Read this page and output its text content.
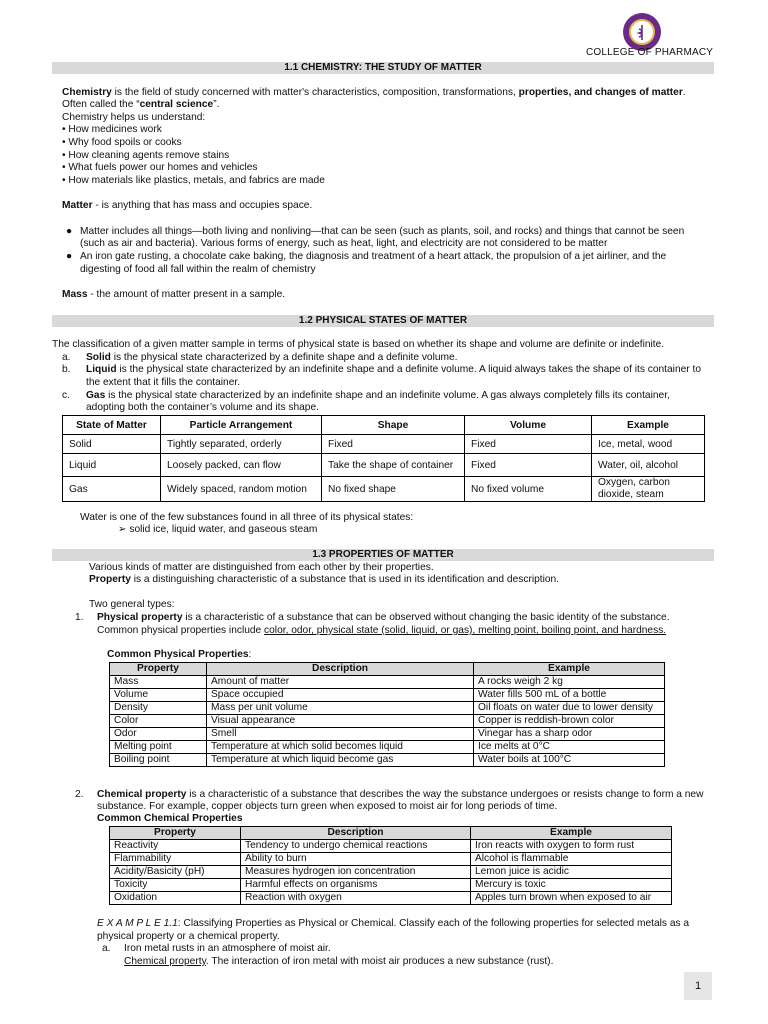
COLLEGE OF PHARMACY
1.1 CHEMISTRY: THE STUDY OF MATTER
Chemistry is the field of study concerned with matter's characteristics, composition, transformations, properties, and changes of matter.
Often called the “central science”.
Chemistry helps us understand:
• How medicines work
• Why food spoils or cooks
• How cleaning agents remove stains
• What fuels power our homes and vehicles
• How materials like plastics, metals, and fabrics are made
Matter - is anything that has mass and occupies space.
● Matter includes all things—both living and nonliving—that can be seen (such as plants, soil, and rocks) and things that cannot be seen
(such as air and bacteria). Various forms of energy, such as heat, light, and electricity are not considered to be matter
● An iron gate rusting, a chocolate cake baking, the diagnosis and treatment of a heart attack, the propulsion of a jet airliner, and the
digesting of food all fall within the realm of chemistry
Mass - the amount of matter present in a sample.
1.2 PHYSICAL STATES OF MATTER
The classification of a given matter sample in terms of physical state is based on whether its shape and volume are definite or indefinite.
a.	Solid is the physical state characterized by a definite shape and a definite volume.
b.	Liquid is the physical state characterized by an indefinite shape and a definite volume. A liquid always takes the shape of its container to
the extent that it fills the container.
c.	Gas is the physical state characterized by an indefinite shape and an indefinite volume. A gas always completely fills its container,
adopting both the container’s volume and its shape.
State of Matter	Particle Arrangement	Shape	Volume	Example
Solid	Tightly separated, orderly	Fixed	Fixed	Ice, metal, wood
Liquid	Loosely packed, can flow	Take the shape of container	Fixed	Water, oil, alcohol
Gas	Widely spaced, random motion	No fixed shape	No fixed volume	Oxygen, carbon dioxide, steam
Water is one of the few substances found in all three of its physical states:
➢ solid ice, liquid water, and gaseous steam
1.3 PROPERTIES OF MATTER
Various kinds of matter are distinguished from each other by their properties.
Property is a distinguishing characteristic of a substance that is used in its identification and description.
Two general types:
1.	Physical property is a characteristic of a substance that can be observed without changing the basic identity of the substance.
Common physical properties include color, odor, physical state (solid, liquid, or gas), melting point, boiling point, and hardness.
Common Physical Properties:
Property	Description	Example
Mass	Amount of matter	A rocks weigh 2 kg
Volume	Space occupied	Water fills 500 mL of a bottle
Density	Mass per unit volume	Oil floats on water due to lower density
Color	Visual appearance	Copper is reddish-brown color
Odor	Smell	Vinegar has a sharp odor
Melting point	Temperature at which solid becomes liquid	Ice melts at 0°C
Boiling point	Temperature at which liquid become gas	Water boils at 100°C
2.	Chemical property is a characteristic of a substance that describes the way the substance undergoes or resists change to form a new
substance. For example, copper objects turn green when exposed to moist air for long periods of time.
Common Chemical Properties
Property	Description	Example
Reactivity	Tendency to undergo chemical reactions	Iron reacts with oxygen to form rust
Flammability	Ability to burn	Alcohol is flammable
Acidity/Basicity (pH)	Measures hydrogen ion concentration	Lemon juice is acidic
Toxicity	Harmful effects on organisms	Mercury is toxic
Oxidation	Reaction with oxygen	Apples turn brown when exposed to air
E X A M P L E 1.1: Classifying Properties as Physical or Chemical. Classify each of the following properties for selected metals as a
physical property or a chemical property.
a.	Iron metal rusts in an atmosphere of moist air.
Chemical property. The interaction of iron metal with moist air produces a new substance (rust).
1
